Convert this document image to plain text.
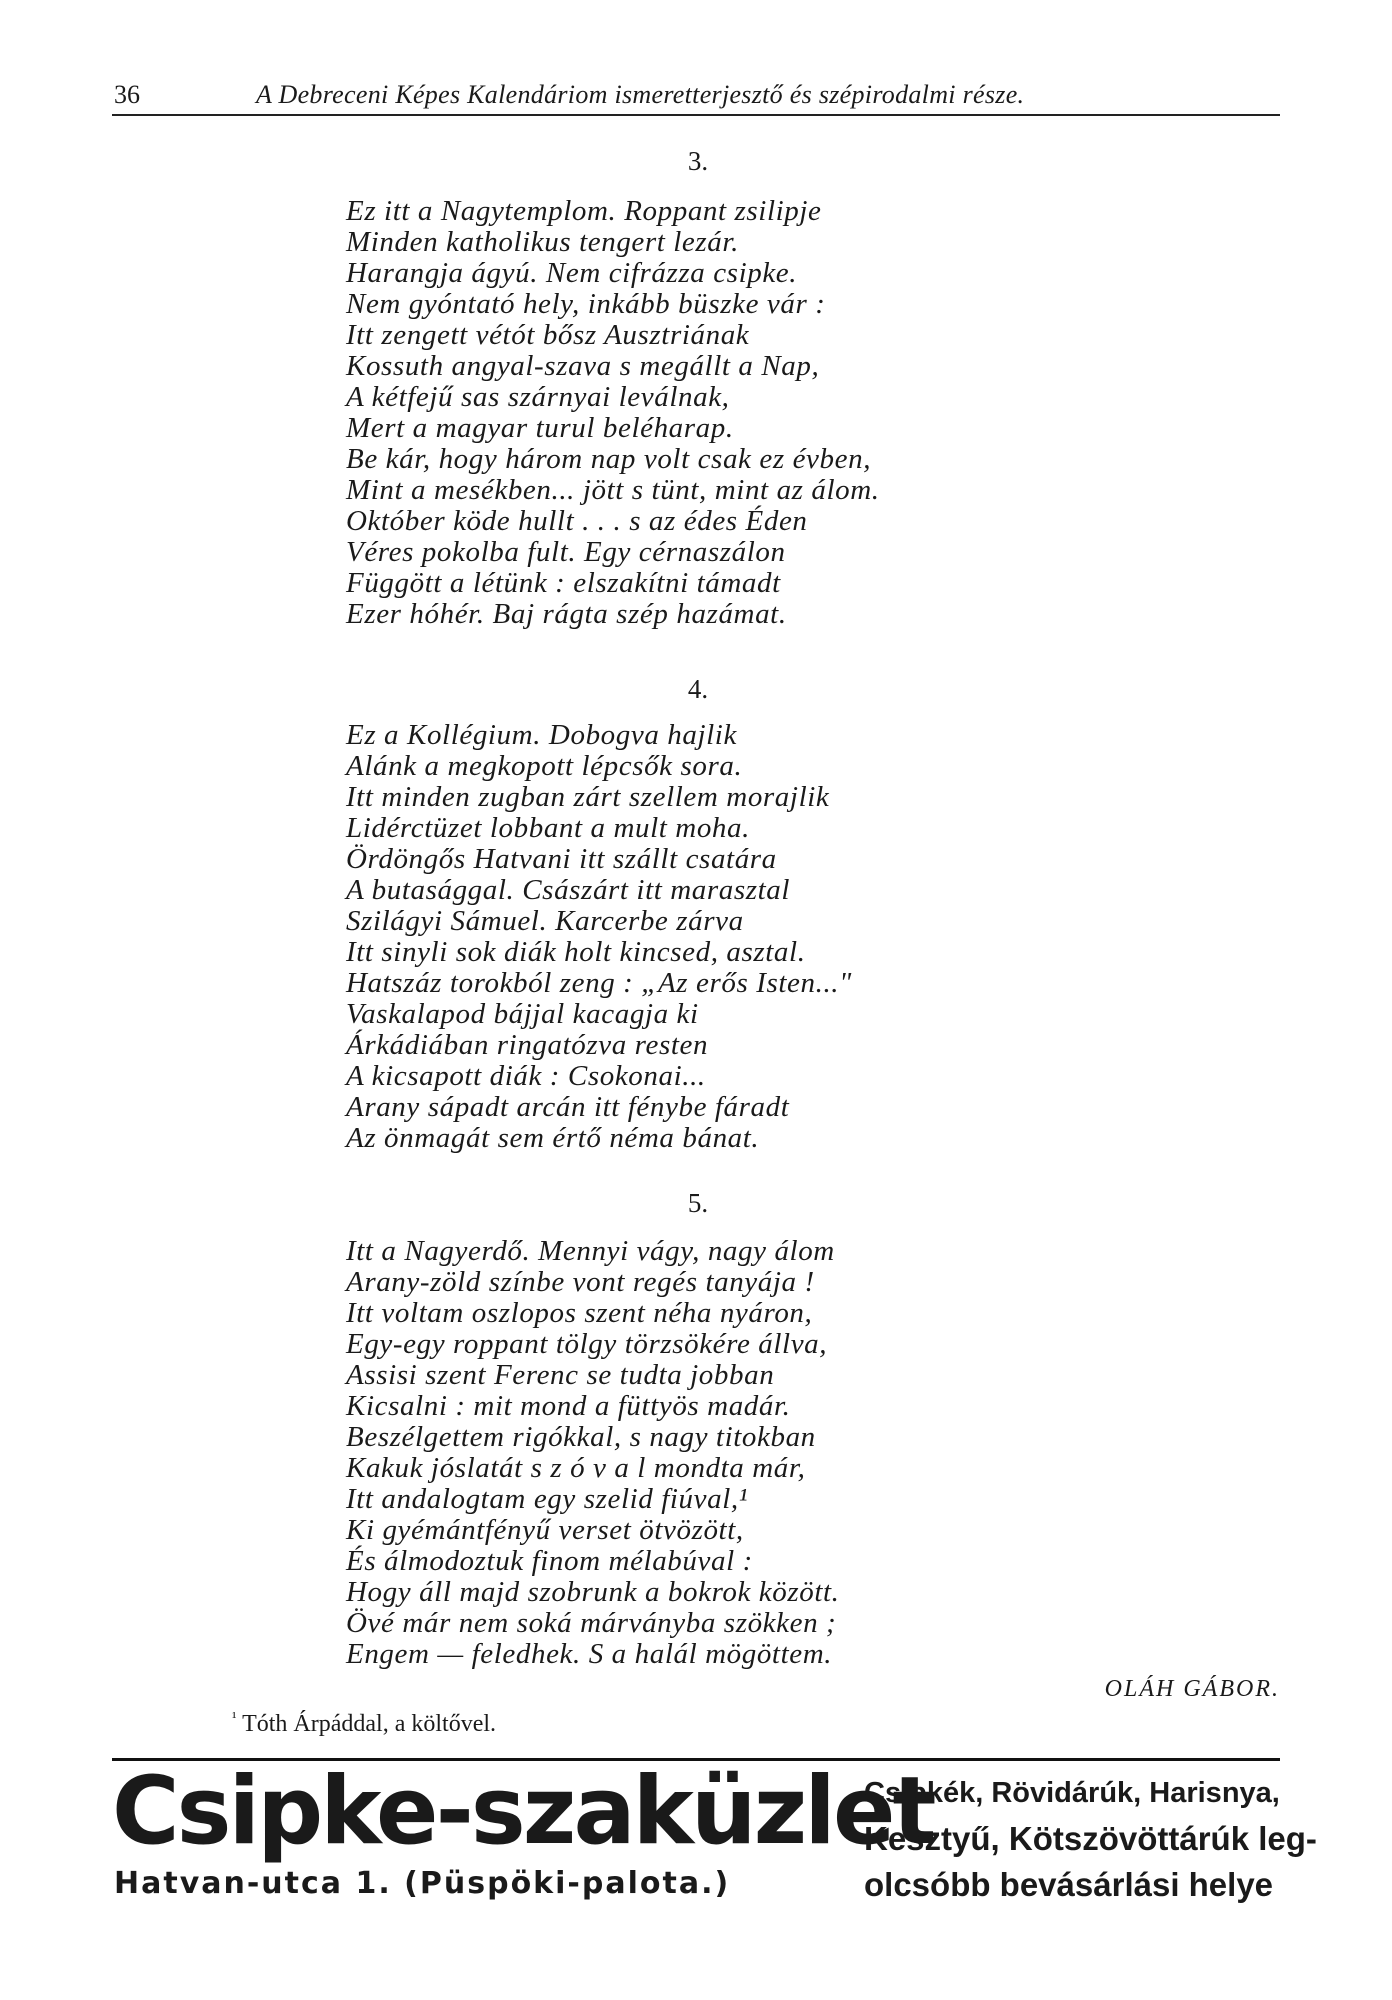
36	A Debreceni Képes Kalendáriom ismeretterjesztő és szépirodalmi része.
3.
Ez itt a Nagytemplom. Roppant zsilipje
Minden katholikus tengert lezár.
Harangja ágyú. Nem cifrázza csipke.
Nem gyóntató hely, inkább büszke vár :
Itt zengett vétót bősz Ausztriának
Kossuth angyal-szava s megállt a Nap,
A kétfejű sas szárnyai leválnak,
Mert a magyar turul beléharap.
Be kár, hogy három nap volt csak ez évben,
Mint a mesékben... jött s tünt, mint az álom.
Október köde hullt . . . s az édes Éden
Véres pokolba fult. Egy cérnaszálon
Függött a létünk : elszakítni támadt
Ezer hóhér. Baj rágta szép hazámat.
4.
Ez a Kollégium. Dobogva hajlik
Alánk a megkopott lépcsők sora.
Itt minden zugban zárt szellem morajlik
Lidérctüzet lobbant a mult moha.
Ördöngős Hatvani itt szállt csatára
A butasággal. Császárt itt marasztal
Szilágyi Sámuel. Karcerbe zárva
Itt sinyli sok diák holt kincsed, asztal.
Hatszáz torokból zeng : „Az erős Isten..."
Vaskalapod bájjal kacagja ki
Árkádiában ringatózva resten
A kicsapott diák : Csokonai...
Arany sápadt arcán itt fénybe fáradt
Az önmagát sem értő néma bánat.
5.
Itt a Nagyerdő. Mennyi vágy, nagy álom
Arany-zöld színbe vont regés tanyája !
Itt voltam oszlopos szent néha nyáron,
Egy-egy roppant tölgy törzsökére állva,
Assisi szent Ferenc se tudta jobban
Kicsalni : mit mond a füttyös madár.
Beszélgettem rigókkal, s nagy titokban
Kakuk jóslatát s z ó v a l mondta már,
Itt andalogtam egy szelid fiúval,¹
Ki gyémántfényű verset ötvözött,
És álmodoztuk finom mélabúval :
Hogy áll majd szobrunk a bokrok között.
Övé már nem soká márványba szökken ;
Engem — feledhek. S a halál mögöttem.
OLÁH GÁBOR.
$^{^1}$ Tóth Árpáddal, a költővel.
Csipke-szaküzlet
Hatvan-utca 1. (Püspöki-palota.)
Csipkék, Rövidárúk, Harisnya,
Kesztyű, Kötszövöttárúk leg-
olcsóbb bevásárlási helye
